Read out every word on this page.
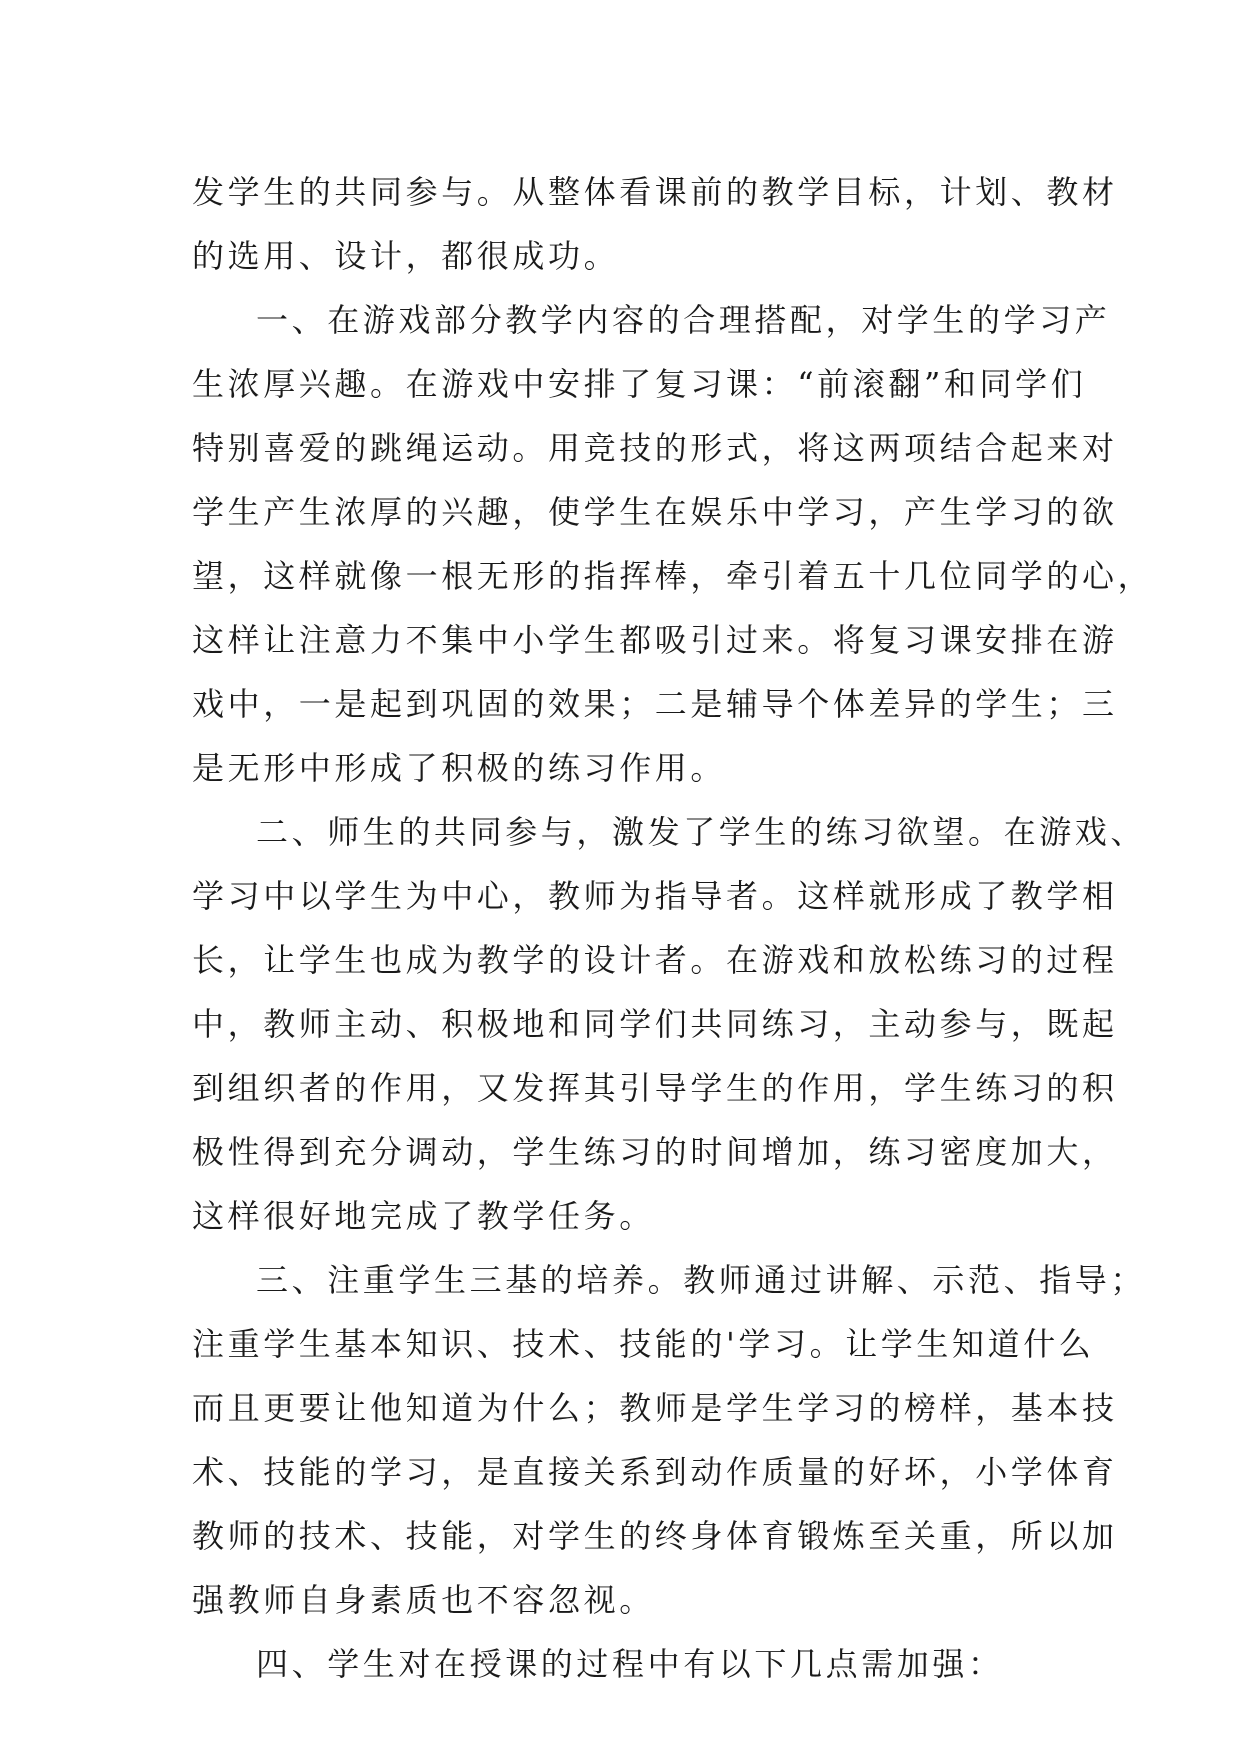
发学生的共同参与。从整体看课前的教学目标，计划、教材
的选用、设计，都很成功。
一、在游戏部分教学内容的合理搭配，对学生的学习产
生浓厚兴趣。在游戏中安排了复习课：“前滚翻”和同学们
特别喜爱的跳绳运动。用竞技的形式，将这两项结合起来对
学生产生浓厚的兴趣，使学生在娱乐中学习，产生学习的欲
望，这样就像一根无形的指挥棒，牵引着五十几位同学的心，
这样让注意力不集中小学生都吸引过来。将复习课安排在游
戏中，一是起到巩固的效果；二是辅导个体差异的学生；三
是无形中形成了积极的练习作用。
二、师生的共同参与，激发了学生的练习欲望。在游戏、
学习中以学生为中心，教师为指导者。这样就形成了教学相
长，让学生也成为教学的设计者。在游戏和放松练习的过程
中，教师主动、积极地和同学们共同练习，主动参与，既起
到组织者的作用，又发挥其引导学生的作用，学生练习的积
极性得到充分调动，学生练习的时间增加，练习密度加大，
这样很好地完成了教学任务。
三、注重学生三基的培养。教师通过讲解、示范、指导；
注重学生基本知识、技术、技能的'学习。让学生知道什么
而且更要让他知道为什么；教师是学生学习的榜样，基本技
术、技能的学习，是直接关系到动作质量的好坏，小学体育
教师的技术、技能，对学生的终身体育锻炼至关重，所以加
强教师自身素质也不容忽视。
四、学生对在授课的过程中有以下几点需加强：
